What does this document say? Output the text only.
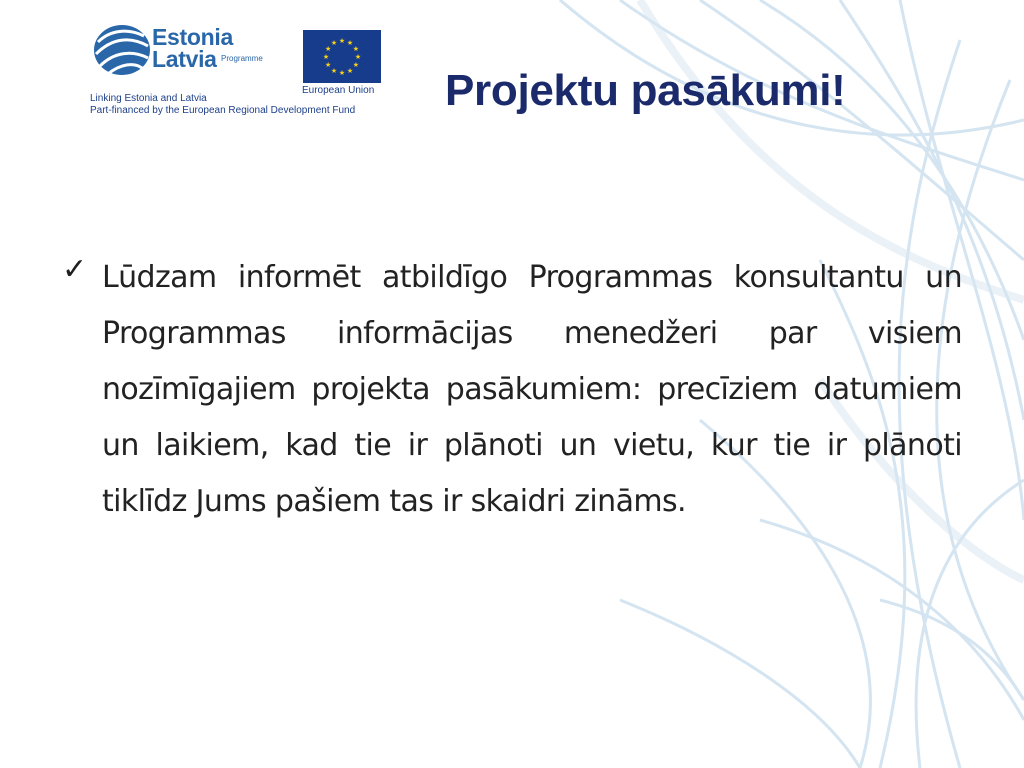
Estonia
Latvia Programme
★ ★
★
★
★
★
★
★
★
★
★
★
European Union
Linking Estonia and Latvia
Part-financed by the European Regional Development Fund Projektu pasākumi!
✓ Lūdzam informēt atbildīgo Programmas konsultantu un Programmas informācijas menedžeri par visiem nozīmīgajiem projekta pasākumiem: precīziem datumiem un laikiem, kad tie ir plānoti un vietu, kur tie ir plānoti tiklīdz Jums pašiem tas ir skaidri zināms.
